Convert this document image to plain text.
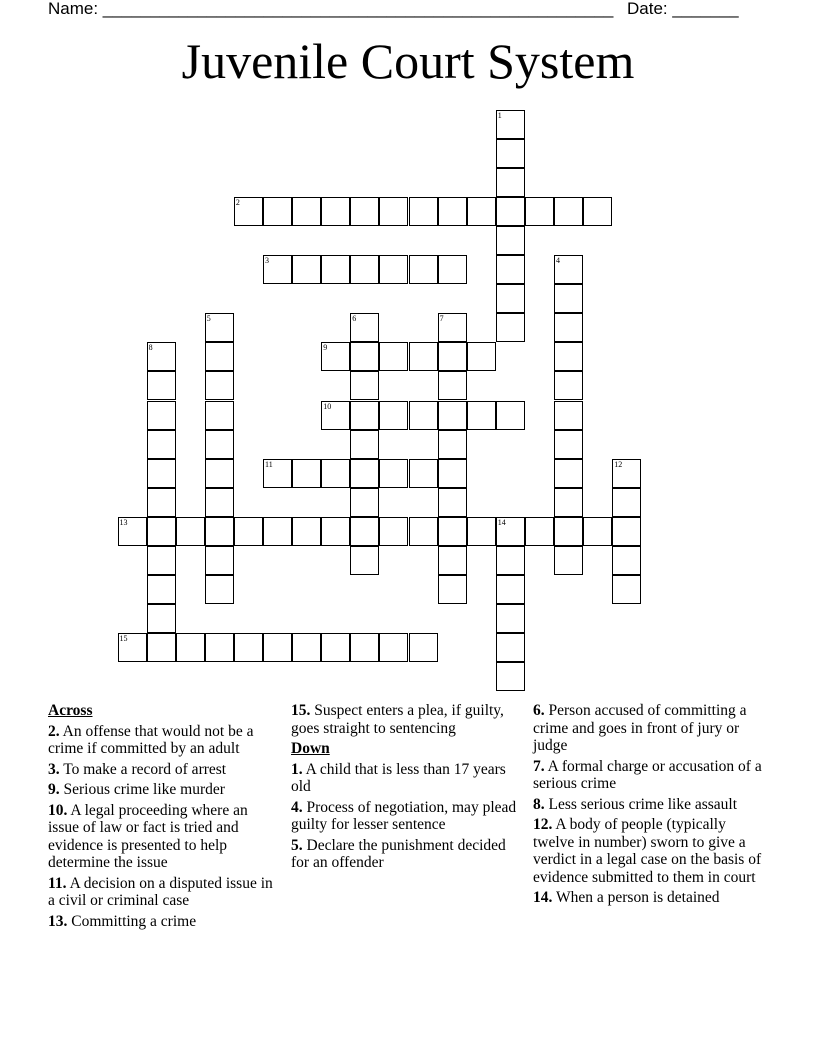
Name: ______________________________________________________ Date: _______
Juvenile Court System
1
2
3	4
5	6	7
8	9
10
11	12
13	14
15
Across
2. An offense that would not be a crime if committed by an adult
3. To make a record of arrest
9. Serious crime like murder
10. A legal proceeding where an issue of law or fact is tried and evidence is presented to help determine the issue
11. A decision on a disputed issue in a civil or criminal case
13. Committing a crime
15. Suspect enters a plea, if guilty, goes straight to sentencing
Down
1. A child that is less than 17 years old
4. Process of negotiation, may plead guilty for lesser sentence
5. Declare the punishment decided for an offender
6. Person accused of committing a crime and goes in front of jury or judge
7. A formal charge or accusation of a serious crime
8. Less serious crime like assault
12. A body of people (typically twelve in number) sworn to give a verdict in a legal case on the basis of evidence submitted to them in court
14. When a person is detained
